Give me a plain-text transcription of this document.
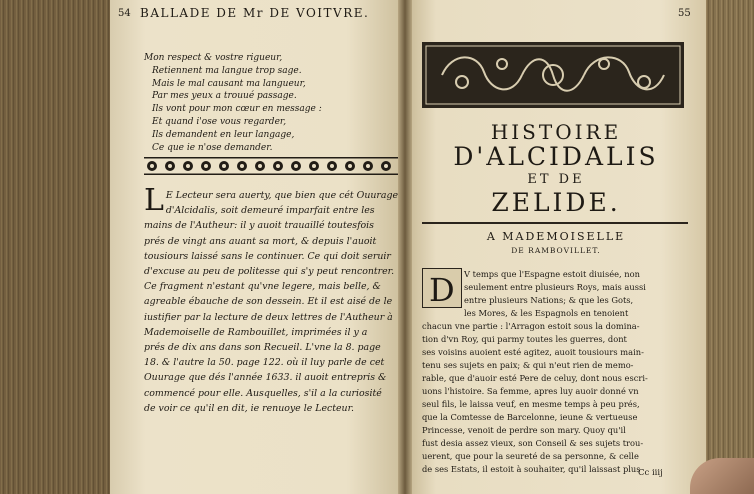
54 BALLADE DE Mr DE VOITVRE.
Mon respect & vostre rigueur,
Retiennent ma langue trop sage.
Mais le mal causant ma langueur,
Par mes yeux a trouué passage.
Ils vont pour mon cœur en message :
Et quand i'ose vous regarder,
Ils demandent en leur langage,
Ce que ie n'ose demander.
L E Lecteur sera auerty, que bien que cét Ouurage
d'Alcidalis, soit demeuré imparfait entre les
mains de l'Autheur: il y auoit trauaillé toutesfois
prés de vingt ans auant sa mort, & depuis l'auoit
tousiours laissé sans le continuer. Ce qui doit seruir
d'excuse au peu de politesse qui s'y peut rencontrer.
Ce fragment n'estant qu'vne legere, mais belle, &
agreable ébauche de son dessein. Et il est aisé de le
iustifier par la lecture de deux lettres de l'Autheur à
Mademoiselle de Rambouillet, imprimées il y a
prés de dix ans dans son Recueil. L'vne la 8. page
18. & l'autre la 50. page 122. où il luy parle de cet
Ouurage que dés l'année 1633. il auoit entrepris &
commencé pour elle. Ausquelles, s'il a la curiosité
de voir ce qu'il en dit, ie renuoye le Lecteur.
55
HISTOIRE
D'ALCIDALIS
ET DE
ZELIDE.
A MADEMOISELLE
DE RAMBOVILLET.
D	V temps que l'Espagne estoit diuisée, non
seulement entre plusieurs Roys, mais aussi
entre plusieurs Nations; & que les Gots,
les Mores, & les Espagnols en tenoient
chacun vne partie : l'Arragon estoit sous la domina-
tion d'vn Roy, qui parmy toutes les guerres, dont
ses voisins auoient esté agitez, auoit tousiours main-
tenu ses sujets en paix; & qui n'eut rien de memo-
rable, que d'auoir esté Pere de celuy, dont nous escri-
uons l'histoire. Sa femme, apres luy auoir donné vn
seul fils, le laissa veuf, en mesme temps à peu prés,
que la Comtesse de Barcelonne, ieune & vertueuse
Princesse, venoit de perdre son mary. Quoy qu'il
fust desia assez vieux, son Conseil & ses sujets trou-
uerent, que pour la seureté de sa personne, & celle
de ses Estats, il estoit à souhaiter, qu'il laissast plus
Cc iiij
